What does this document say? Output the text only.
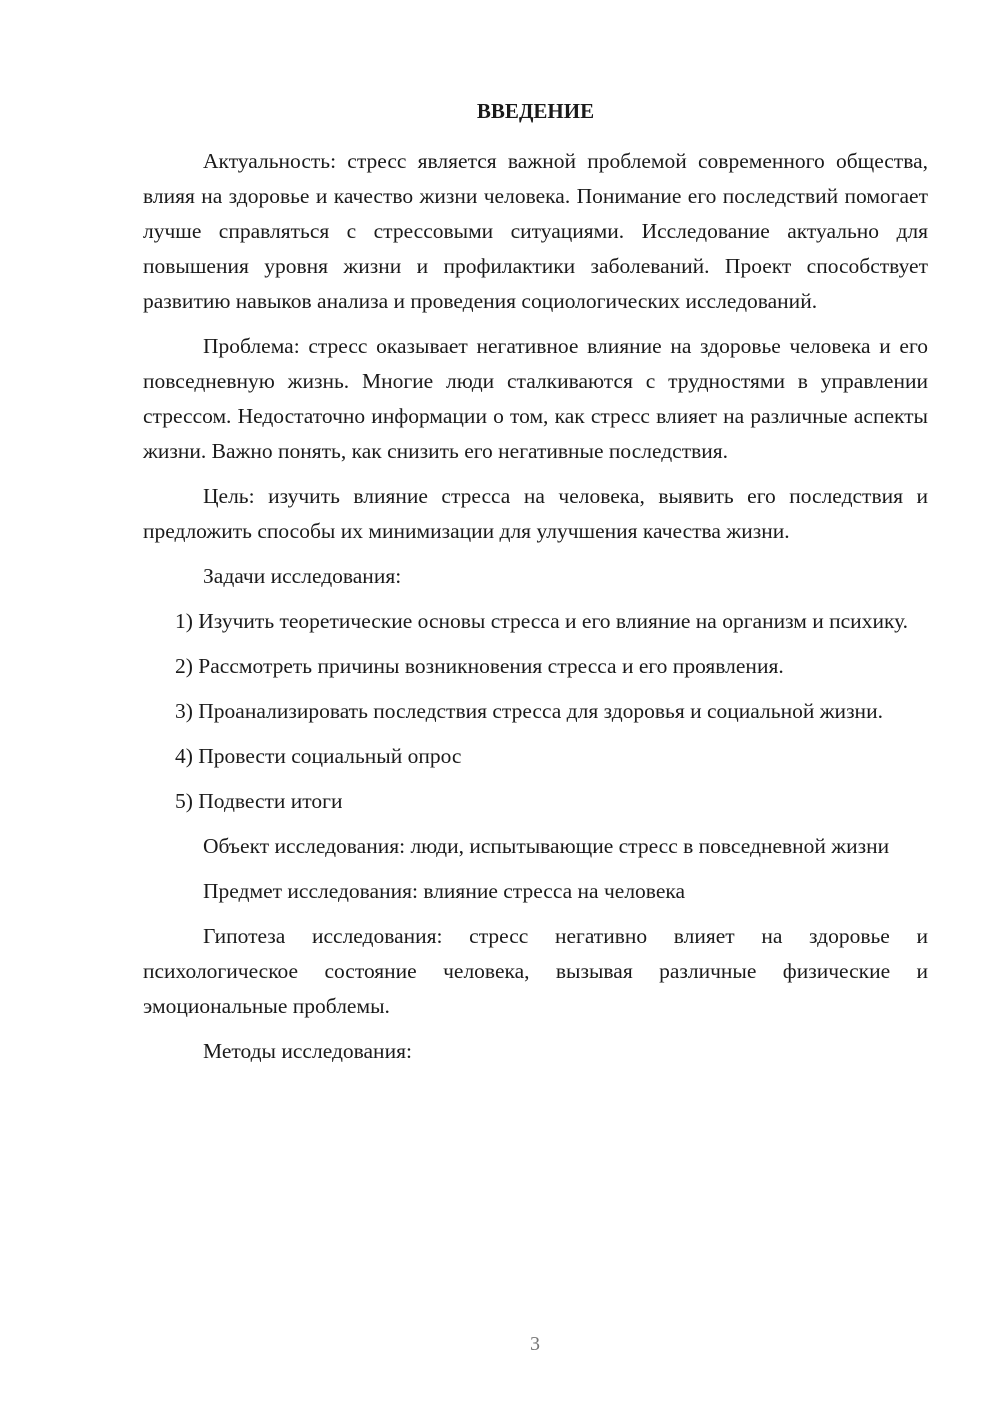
ВВЕДЕНИЕ

Актуальность: стресс является важной проблемой современного общества, влияя на здоровье и качество жизни человека. Понимание его последствий помогает лучше справляться с стрессовыми ситуациями. Исследование актуально для повышения уровня жизни и профилактики заболеваний. Проект способствует развитию навыков анализа и проведения социологических исследований.

Проблема: стресс оказывает негативное влияние на здоровье человека и его повседневную жизнь. Многие люди сталкиваются с трудностями в управлении стрессом. Недостаточно информации о том, как стресс влияет на различные аспекты жизни. Важно понять, как снизить его негативные последствия.

Цель: изучить влияние стресса на человека, выявить его последствия и предложить способы их минимизации для улучшения качества жизни.

Задачи исследования:

1) Изучить теоретические основы стресса и его влияние на организм и психику.

2) Рассмотреть причины возникновения стресса и его проявления.

3) Проанализировать последствия стресса для здоровья и социальной жизни.

4) Провести социальный опрос

5) Подвести итоги

Объект исследования: люди, испытывающие стресс в повседневной жизни

Предмет исследования: влияние стресса на человека

Гипотеза исследования: стресс негативно влияет на здоровье и психологическое состояние человека, вызывая различные физические и эмоциональные проблемы.

Методы исследования:

3
